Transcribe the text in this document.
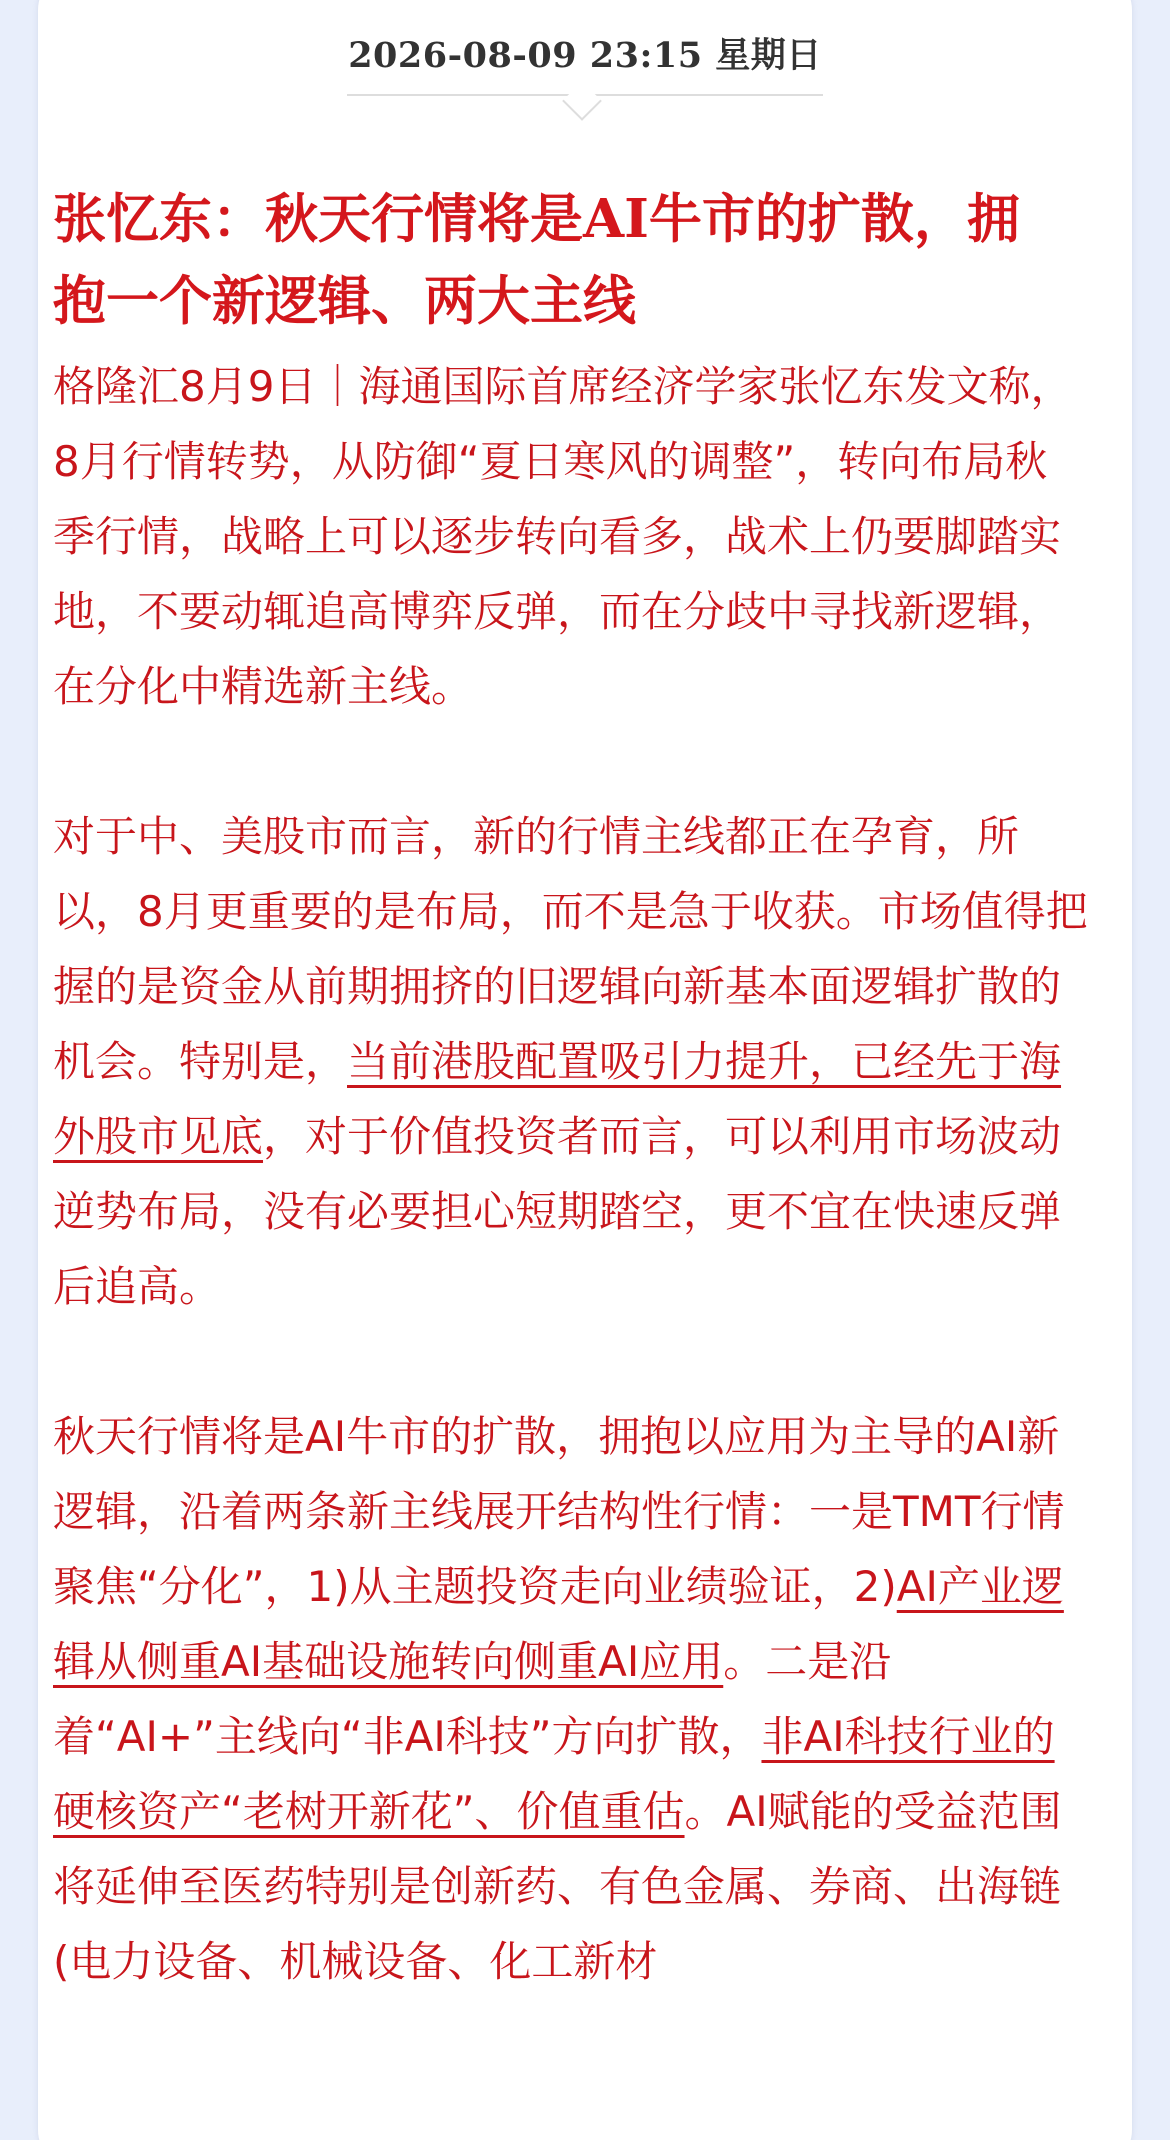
2026-08-09 23:15 星期日
张忆东：秋天行情将是AI牛市的扩散，拥抱一个新逻辑、两大主线

格隆汇8月9日｜海通国际首席经济学家张忆东发文称，8月行情转势，从防御“夏日寒风的调整”，转向布局秋季行情，战略上可以逐步转向看多，战术上仍要脚踏实地，不要动辄追高博弈反弹，而在分歧中寻找新逻辑，在分化中精选新主线。

对于中、美股市而言，新的行情主线都正在孕育，所以，8月更重要的是布局，而不是急于收获。市场值得把握的是资金从前期拥挤的旧逻辑向新基本面逻辑扩散的机会。特别是，当前港股配置吸引力提升，已经先于海外股市见底，对于价值投资者而言，可以利用市场波动逆势布局，没有必要担心短期踏空，更不宜在快速反弹后追高。

秋天行情将是AI牛市的扩散，拥抱以应用为主导的AI新逻辑，沿着两条新主线展开结构性行情：一是TMT行情聚焦“分化”，1)从主题投资走向业绩验证，2)AI产业逻辑从侧重AI基础设施转向侧重AI应用。二是沿着“AI+”主线向“非AI科技”方向扩散，非AI科技行业的硬核资产“老树开新花”、价值重估。AI赋能的受益范围将延伸至医药特别是创新药、有色金属、券商、出海链(电力设备、机械设备、化工新材
